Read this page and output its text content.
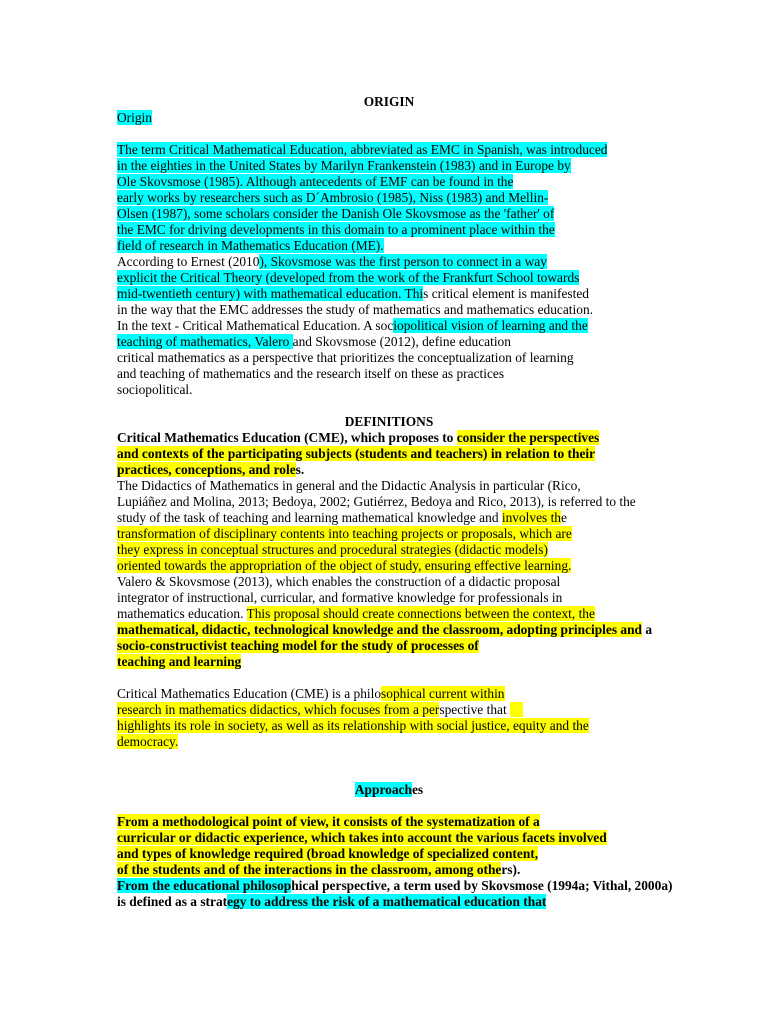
ORIGIN
Origin
The term Critical Mathematical Education, abbreviated as EMC in Spanish, was introduced
in the eighties in the United States by Marilyn Frankenstein (1983) and in Europe by
Ole Skovsmose (1985). Although antecedents of EMF can be found in the
early works by researchers such as D´Ambrosio (1985), Niss (1983) and Mellin-
Olsen (1987), some scholars consider the Danish Ole Skovsmose as the 'father' of
the EMC for driving developments in this domain to a prominent place within the
field of research in Mathematics Education (ME).
According to Ernest (2010), Skovsmose was the first person to connect in a way
explicit the Critical Theory (developed from the work of the Frankfurt School towards
mid-twentieth century) with mathematical education. This critical element is manifested
in the way that the EMC addresses the study of mathematics and mathematics education.
In the text - Critical Mathematical Education. A sociopolitical vision of learning and the
teaching of mathematics, Valero and Skovsmose (2012), define education
critical mathematics as a perspective that prioritizes the conceptualization of learning
and teaching of mathematics and the research itself on these as practices
sociopolitical.
DEFINITIONS
Critical Mathematics Education (CME), which proposes to consider the perspectives
and contexts of the participating subjects (students and teachers) in relation to their
practices, conceptions, and roles.
The Didactics of Mathematics in general and the Didactic Analysis in particular (Rico,
Lupiáñez and Molina, 2013; Bedoya, 2002; Gutiérrez, Bedoya and Rico, 2013), is referred to the
study of the task of teaching and learning mathematical knowledge and involves the
transformation of disciplinary contents into teaching projects or proposals, which are
they express in conceptual structures and procedural strategies (didactic models)
oriented towards the appropriation of the object of study, ensuring effective learning.
Valero & Skovsmose (2013), which enables the construction of a didactic proposal
integrator of instructional, curricular, and formative knowledge for professionals in
mathematics education. This proposal should create connections between the context, the
mathematical, didactic, technological knowledge and the classroom, adopting principles and a
socio-constructivist teaching model for the study of processes of
teaching and learning
Critical Mathematics Education (CME) is a philosophical current within
research in mathematics didactics, which focuses from a perspective that
highlights its role in society, as well as its relationship with social justice, equity and the
democracy.
Approaches
From a methodological point of view, it consists of the systematization of a
curricular or didactic experience, which takes into account the various facets involved
and types of knowledge required (broad knowledge of specialized content,
of the students and of the interactions in the classroom, among others).
From the educational philosophical perspective, a term used by Skovsmose (1994a; Vithal, 2000a)
is defined as a strategy to address the risk of a mathematical education that
